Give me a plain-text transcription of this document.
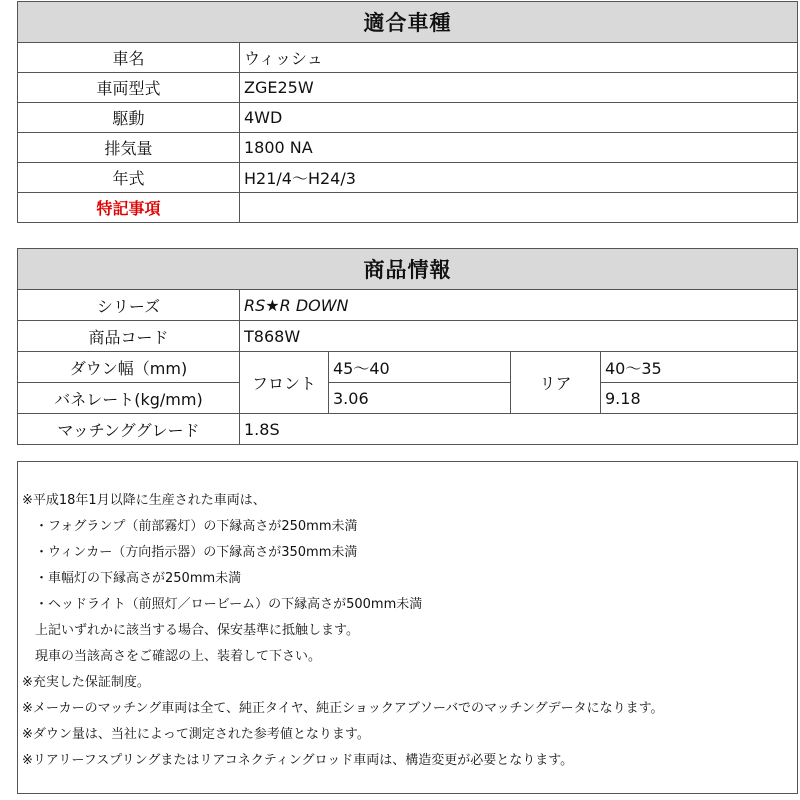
適合車種	
車名	ウィッシュ
車両型式	ZGE25W
駆動	4WD
排気量	1800 NA
年式	H21/4～H24/3
特記事項	
商品情報				
シリーズ	RS★R DOWN			
商品コード	T868W			
ダウン幅（mm)	フロント	45～40	リア	40～35
バネレート(kg/mm)		3.06		9.18
マッチンググレード	1.8S			
※平成18年1月以降に生産された車両は、
　・フォグランプ（前部霧灯）の下縁高さが250mm未満
　・ウィンカー（方向指示器）の下縁高さが350mm未満
　・車幅灯の下縁高さが250mm未満
　・ヘッドライト（前照灯／ロービーム）の下縁高さが500mm未満
　上記いずれかに該当する場合、保安基準に抵触します。
　現車の当該高さをご確認の上、装着して下さい。
※充実した保証制度。
※メーカーのマッチング車両は全て、純正タイヤ、純正ショックアブソーバでのマッチングデータになります。
※ダウン量は、当社によって測定された参考値となります。
※リアリーフスプリングまたはリアコネクティングロッド車両は、構造変更が必要となります。
